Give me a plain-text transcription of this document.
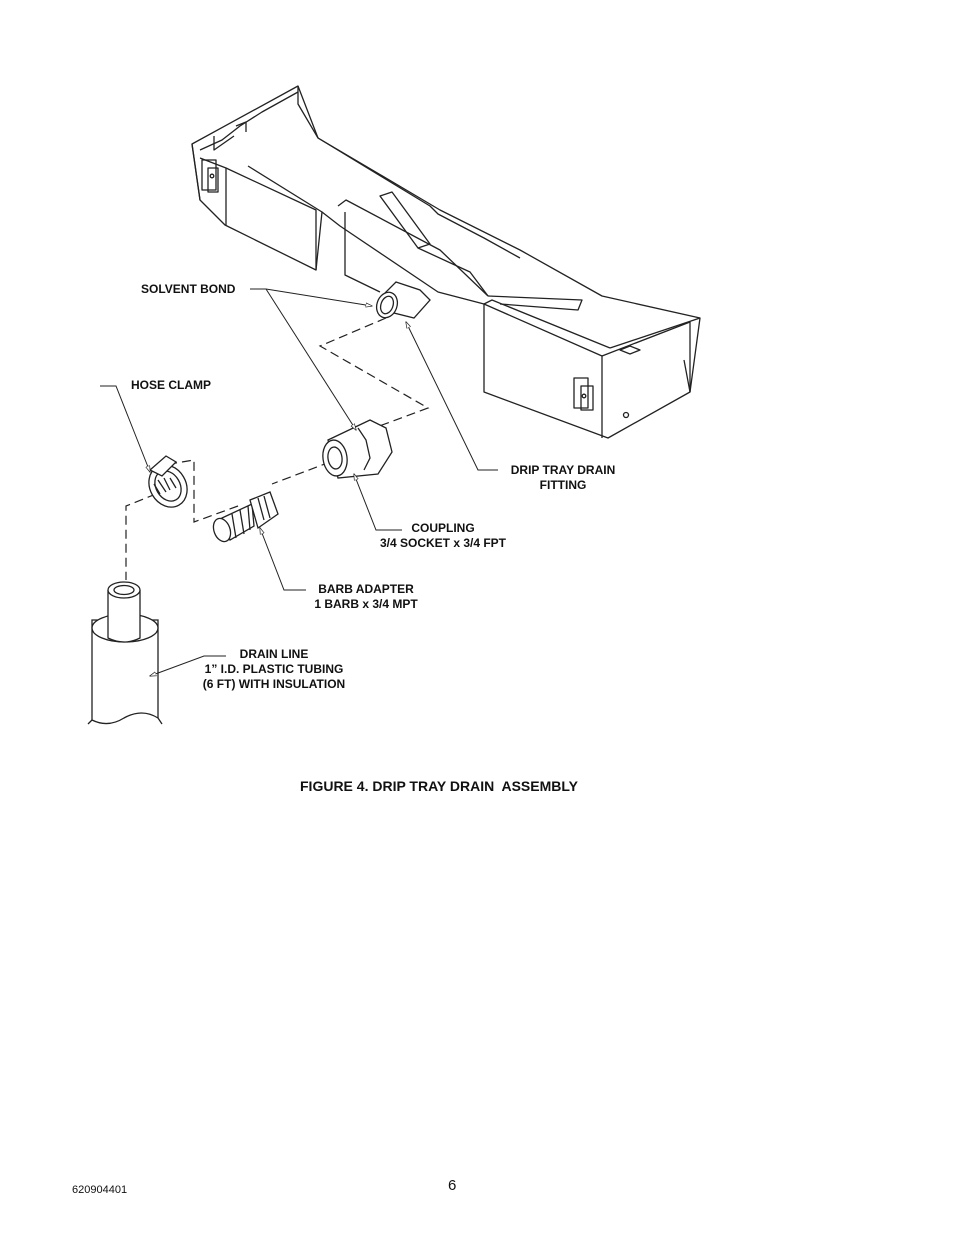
SOLVENT BOND
HOSE CLAMP
DRIP TRAY DRAIN
FITTING
COUPLING
3/4 SOCKET x 3/4 FPT
BARB ADAPTER
1 BARB x 3/4 MPT
DRAIN LINE
1” I.D. PLASTIC TUBING
(6 FT) WITH INSULATION
FIGURE 4. DRIP TRAY DRAIN  ASSEMBLY
6
620904401
